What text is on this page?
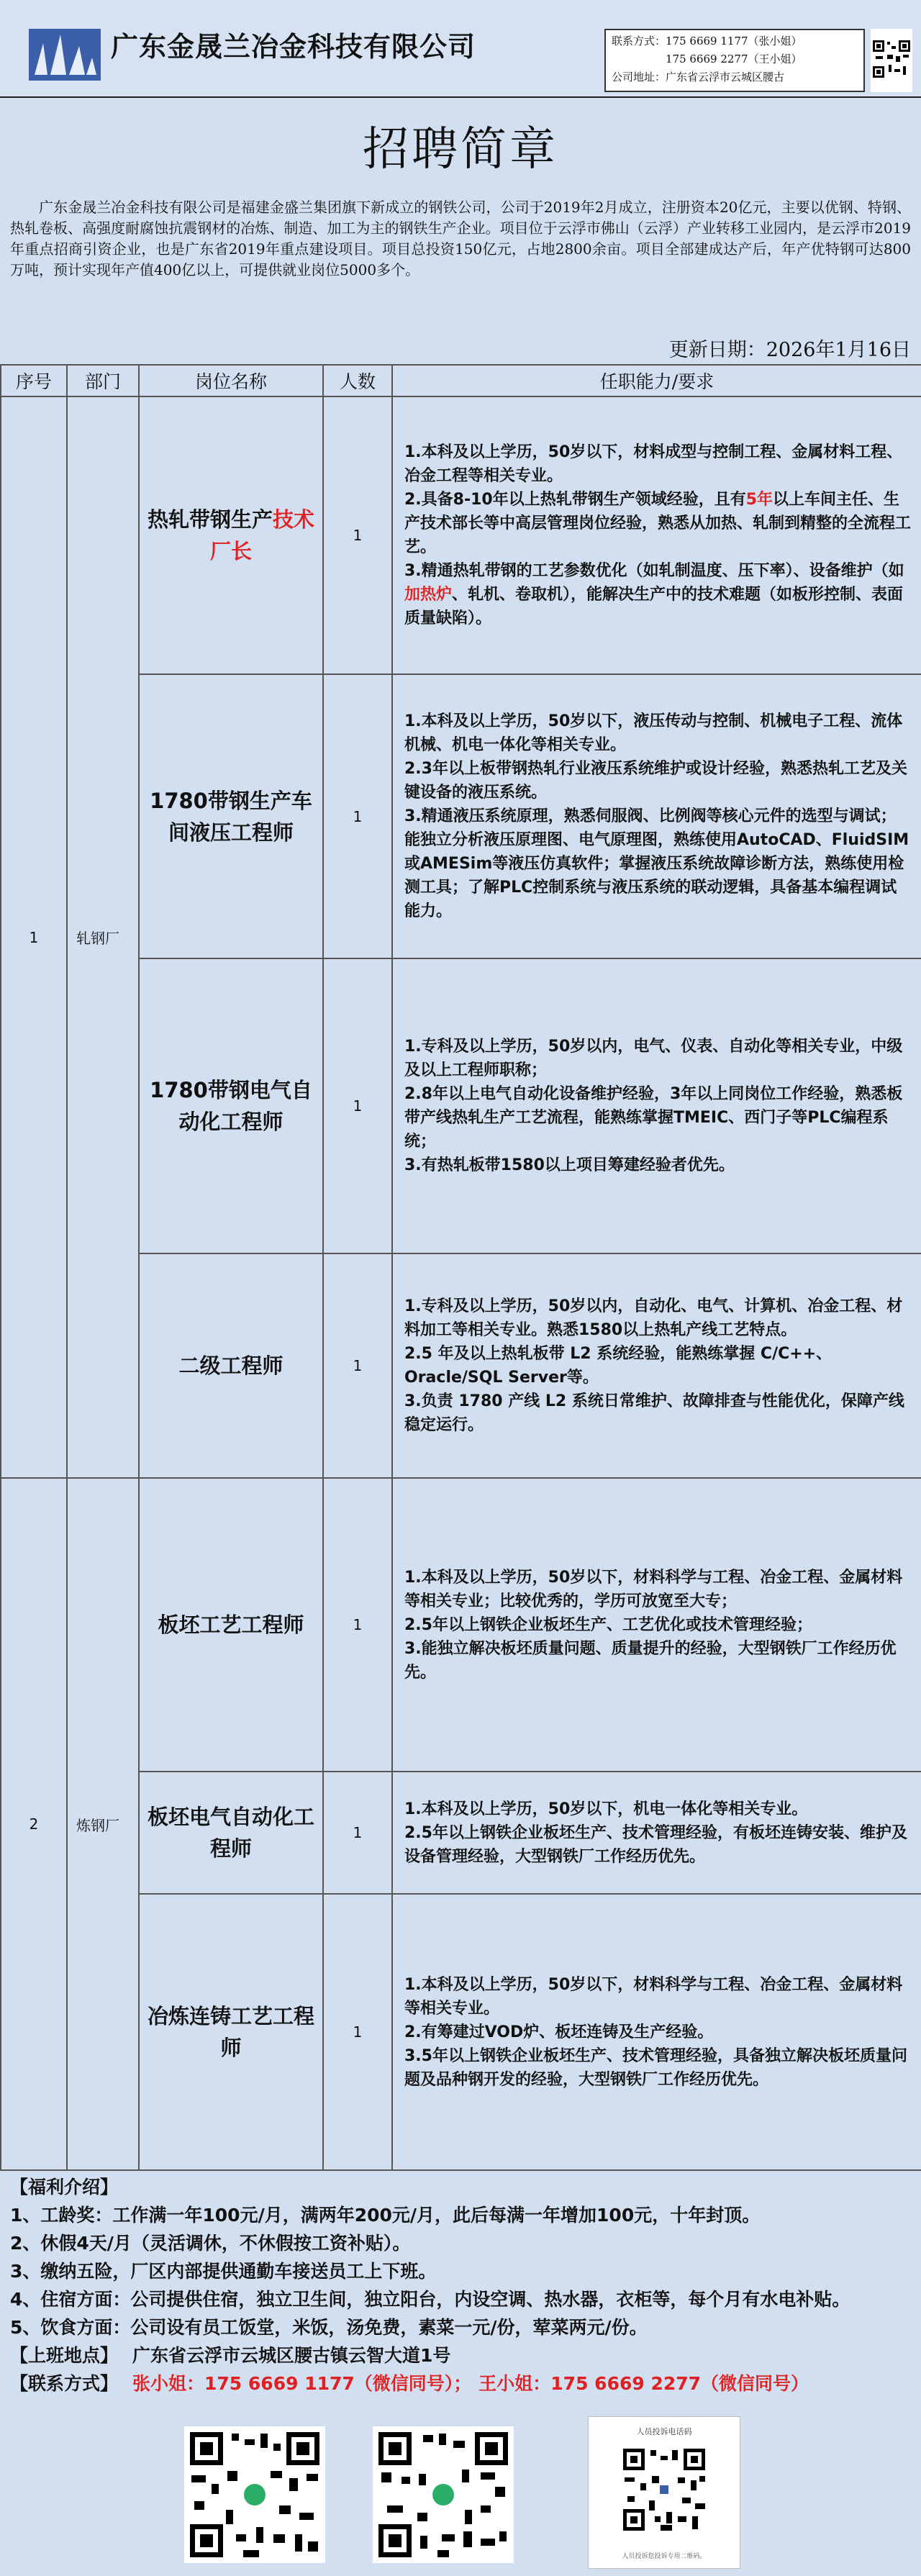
广东金晟兰冶金科技有限公司	联系方式：175 6669 1177（张小姐）
175 6669 2277（王小姐）
公司地址：广东省云浮市云城区腰古
招聘简章
广东金晟兰冶金科技有限公司是福建金盛兰集团旗下新成立的钢铁公司，公司于2019年2月成立，注册资本20亿元，主要以优钢、特钢、热轧卷板、高强度耐腐蚀抗震钢材的冶炼、制造、加工为主的钢铁生产企业。项目位于云浮市佛山（云浮）产业转移工业园内，是云浮市2019年重点招商引资企业，也是广东省2019年重点建设项目。项目总投资150亿元，占地2800余亩。项目全部建成达产后，年产优特钢可达800万吨，预计实现年产值400亿以上，可提供就业岗位5000多个。
更新日期：2026年1月16日
序号	部门	岗位名称	人数	任职能力/要求
1	轧钢厂	热轧带钢生产技术厂长	1	1.本科及以上学历，50岁以下，材料成型与控制工程、金属材料工程、冶金工程等相关专业。
2.具备8-10年以上热轧带钢生产领域经验，且有5年以上车间主任、生产技术部长等中高层管理岗位经验，熟悉从加热、轧制到精整的全流程工艺。
3.精通热轧带钢的工艺参数优化（如轧制温度、压下率）、设备维护（如加热炉、轧机、卷取机），能解决生产中的技术难题（如板形控制、表面质量缺陷）。

		1780带钢生产车间液压工程师	1	1.本科及以上学历，50岁以下，液压传动与控制、机械电子工程、流体机械、机电一体化等相关专业。
2.3年以上板带钢热轧行业液压系统维护或设计经验，熟悉热轧工艺及关键设备的液压系统。
3.精通液压系统原理，熟悉伺服阀、比例阀等核心元件的选型与调试；能独立分析液压原理图、电气原理图，熟练使用AutoCAD、FluidSIM或AMESim等液压仿真软件；掌握液压系统故障诊断方法，熟练使用检测工具；了解PLC控制系统与液压系统的联动逻辑，具备基本编程调试能力。

		1780带钢电气自动化工程师	1	1.专科及以上学历，50岁以内，电气、仪表、自动化等相关专业，中级及以上工程师职称；
2.8年以上电气自动化设备维护经验，3年以上同岗位工作经验，熟悉板带产线热轧生产工艺流程，能熟练掌握TMEIC、西门子等PLC编程系统；
3.有热轧板带1580以上项目筹建经验者优先。

		二级工程师	1	1.专科及以上学历，50岁以内，自动化、电气、计算机、冶金工程、材料加工等相关专业。熟悉1580以上热轧产线工艺特点。
2.5 年及以上热轧板带 L2 系统经验，能熟练掌握 C/C++、Oracle/SQL Server等。
3.负责 1780 产线 L2 系统日常维护、故障排查与性能优化，保障产线稳定运行。

2	炼钢厂	板坯工艺工程师	1	1.本科及以上学历，50岁以下，材料科学与工程、冶金工程、金属材料等相关专业；比较优秀的，学历可放宽至大专；
2.5年以上钢铁企业板坯生产、工艺优化或技术管理经验；
3.能独立解决板坯质量问题、质量提升的经验，大型钢铁厂工作经历优先。

		板坯电气自动化工程师	1	1.本科及以上学历，50岁以下，机电一体化等相关专业。
2.5年以上钢铁企业板坯生产、技术管理经验，有板坯连铸安装、维护及设备管理经验，大型钢铁厂工作经历优先。

		冶炼连铸工艺工程师	1	1.本科及以上学历，50岁以下，材料科学与工程、冶金工程、金属材料等相关专业。
2.有筹建过VOD炉、板坯连铸及生产经验。
3.5年以上钢铁企业板坯生产、技术管理经验，具备独立解决板坯质量问题及品种钢开发的经验，大型钢铁厂工作经历优先。
【福利介绍】
1、工龄奖：工作满一年100元/月，满两年200元/月，此后每满一年增加100元，十年封顶。
2、休假4天/月（灵活调休，不休假按工资补贴）。
3、缴纳五险，厂区内部提供通勤车接送员工上下班。
4、住宿方面：公司提供住宿，独立卫生间，独立阳台，内设空调、热水器，衣柜等，每个月有水电补贴。
5、饮食方面：公司设有员工饭堂，米饭，汤免费，素菜一元/份，荤菜两元/份。
【上班地点】 广东省云浮市云城区腰古镇云智大道1号
【联系方式】 张小姐：175 6669 1177（微信同号）； 王小姐：175 6669 2277（微信同号）
人员投诉电话码
人员投诉您投诉专用二维码。
